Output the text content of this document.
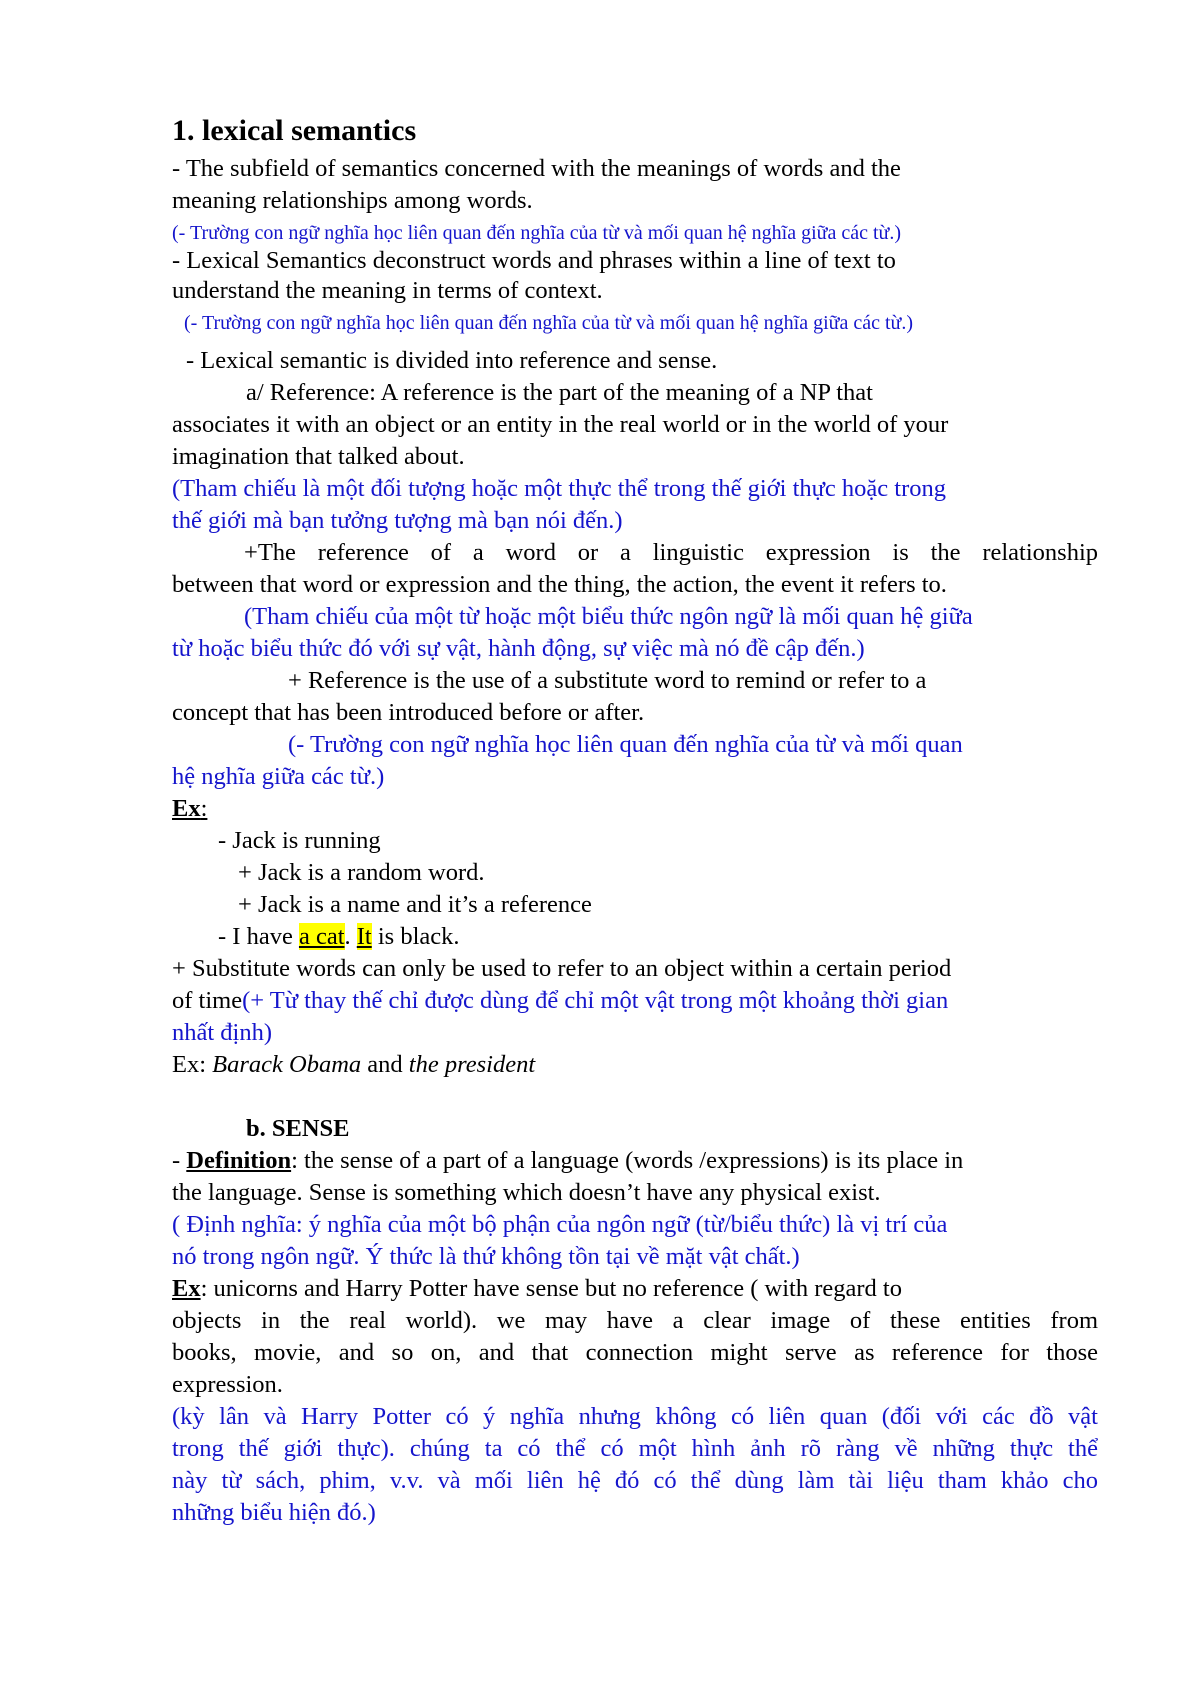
1. lexical semantics
- The subfield of semantics concerned with the meanings of words and the
meaning relationships among words.
(- Trường con ngữ nghĩa học liên quan đến nghĩa của từ và mối quan hệ nghĩa giữa các từ.)
- Lexical Semantics deconstruct words and phrases within a line of text to
understand the meaning in terms of context.
(- Trường con ngữ nghĩa học liên quan đến nghĩa của từ và mối quan hệ nghĩa giữa các từ.)
- Lexical semantic is divided into reference and sense.
a/ Reference: A reference is the part of the meaning of a NP that
associates it with an object or an entity in the real world or in the world of your
imagination that talked about.
(Tham chiếu là một đối tượng hoặc một thực thể trong thế giới thực hoặc trong
thế giới mà bạn tưởng tượng mà bạn nói đến.)
+The reference of a word or a linguistic expression is the relationship
between that word or expression and the thing, the action, the event it refers to.
(Tham chiếu của một từ hoặc một biểu thức ngôn ngữ là mối quan hệ giữa
từ hoặc biểu thức đó với sự vật, hành động, sự việc mà nó đề cập đến.)
+ Reference is the use of a substitute word to remind or refer to a
concept that has been introduced before or after.
(- Trường con ngữ nghĩa học liên quan đến nghĩa của từ và mối quan
hệ nghĩa giữa các từ.)
Ex:
- Jack is running
+ Jack is a random word.
+ Jack is a name and it’s a reference
- I have a cat. It is black.
+ Substitute words can only be used to refer to an object within a certain period
of time(+ Từ thay thế chỉ được dùng để chỉ một vật trong một khoảng thời gian
nhất định)
Ex: Barack Obama and the president
b. SENSE
- Definition: the sense of a part of a language (words /expressions) is its place in
the language. Sense is something which doesn’t have any physical exist.
( Định nghĩa: ý nghĩa của một bộ phận của ngôn ngữ (từ/biểu thức) là vị trí của
nó trong ngôn ngữ. Ý thức là thứ không tồn tại về mặt vật chất.)
Ex: unicorns and Harry Potter have sense but no reference ( with regard to
objects in the real world). we may have a clear image of these entities from
books, movie, and so on, and that connection might serve as reference for those
expression.
(kỳ lân và Harry Potter có ý nghĩa nhưng không có liên quan (đối với các đồ vật
trong thế giới thực). chúng ta có thể có một hình ảnh rõ ràng về những thực thể
này từ sách, phim, v.v. và mối liên hệ đó có thể dùng làm tài liệu tham khảo cho
những biểu hiện đó.)
